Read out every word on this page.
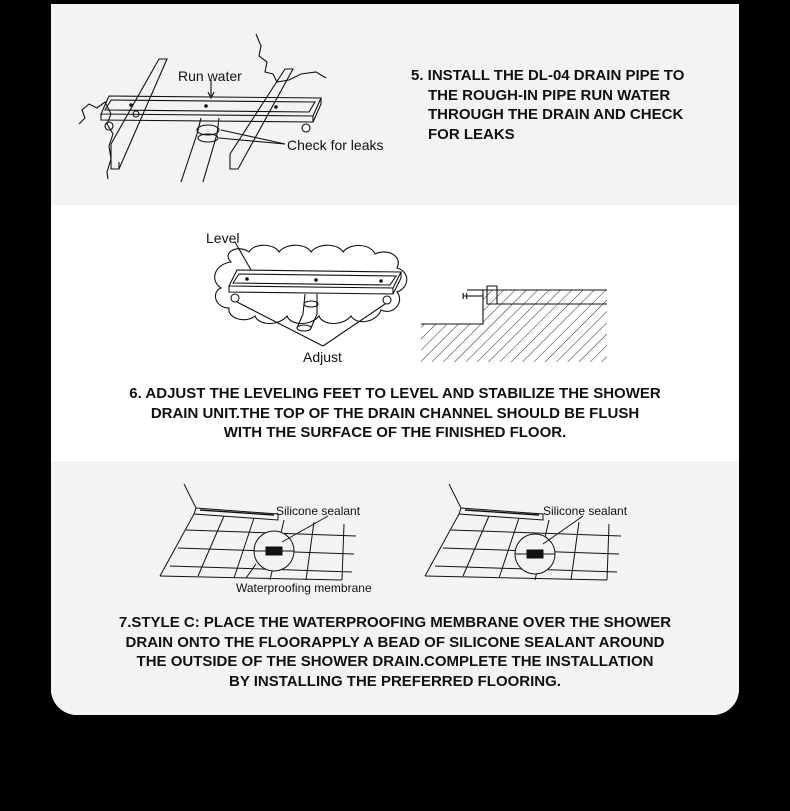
Run water
Check for leaks
5. INSTALL THE DL-04 DRAIN PIPE TO
THE ROUGH-IN PIPE RUN WATER
THROUGH THE DRAIN AND CHECK
FOR LEAKS
Level
Adjust
H
6. ADJUST THE LEVELING FEET TO LEVEL AND STABILIZE THE SHOWER
DRAIN UNIT.THE TOP OF THE DRAIN CHANNEL SHOULD BE FLUSH
WITH THE SURFACE OF THE FINISHED FLOOR.
Silicone sealant
Waterproofing membrane
Silicone sealant
7.STYLE C: PLACE THE WATERPROOFING MEMBRANE OVER THE SHOWER
DRAIN ONTO THE FLOORAPPLY A BEAD OF SILICONE SEALANT AROUND
THE OUTSIDE OF THE SHOWER DRAIN.COMPLETE THE INSTALLATION
BY INSTALLING THE PREFERRED FLOORING.
